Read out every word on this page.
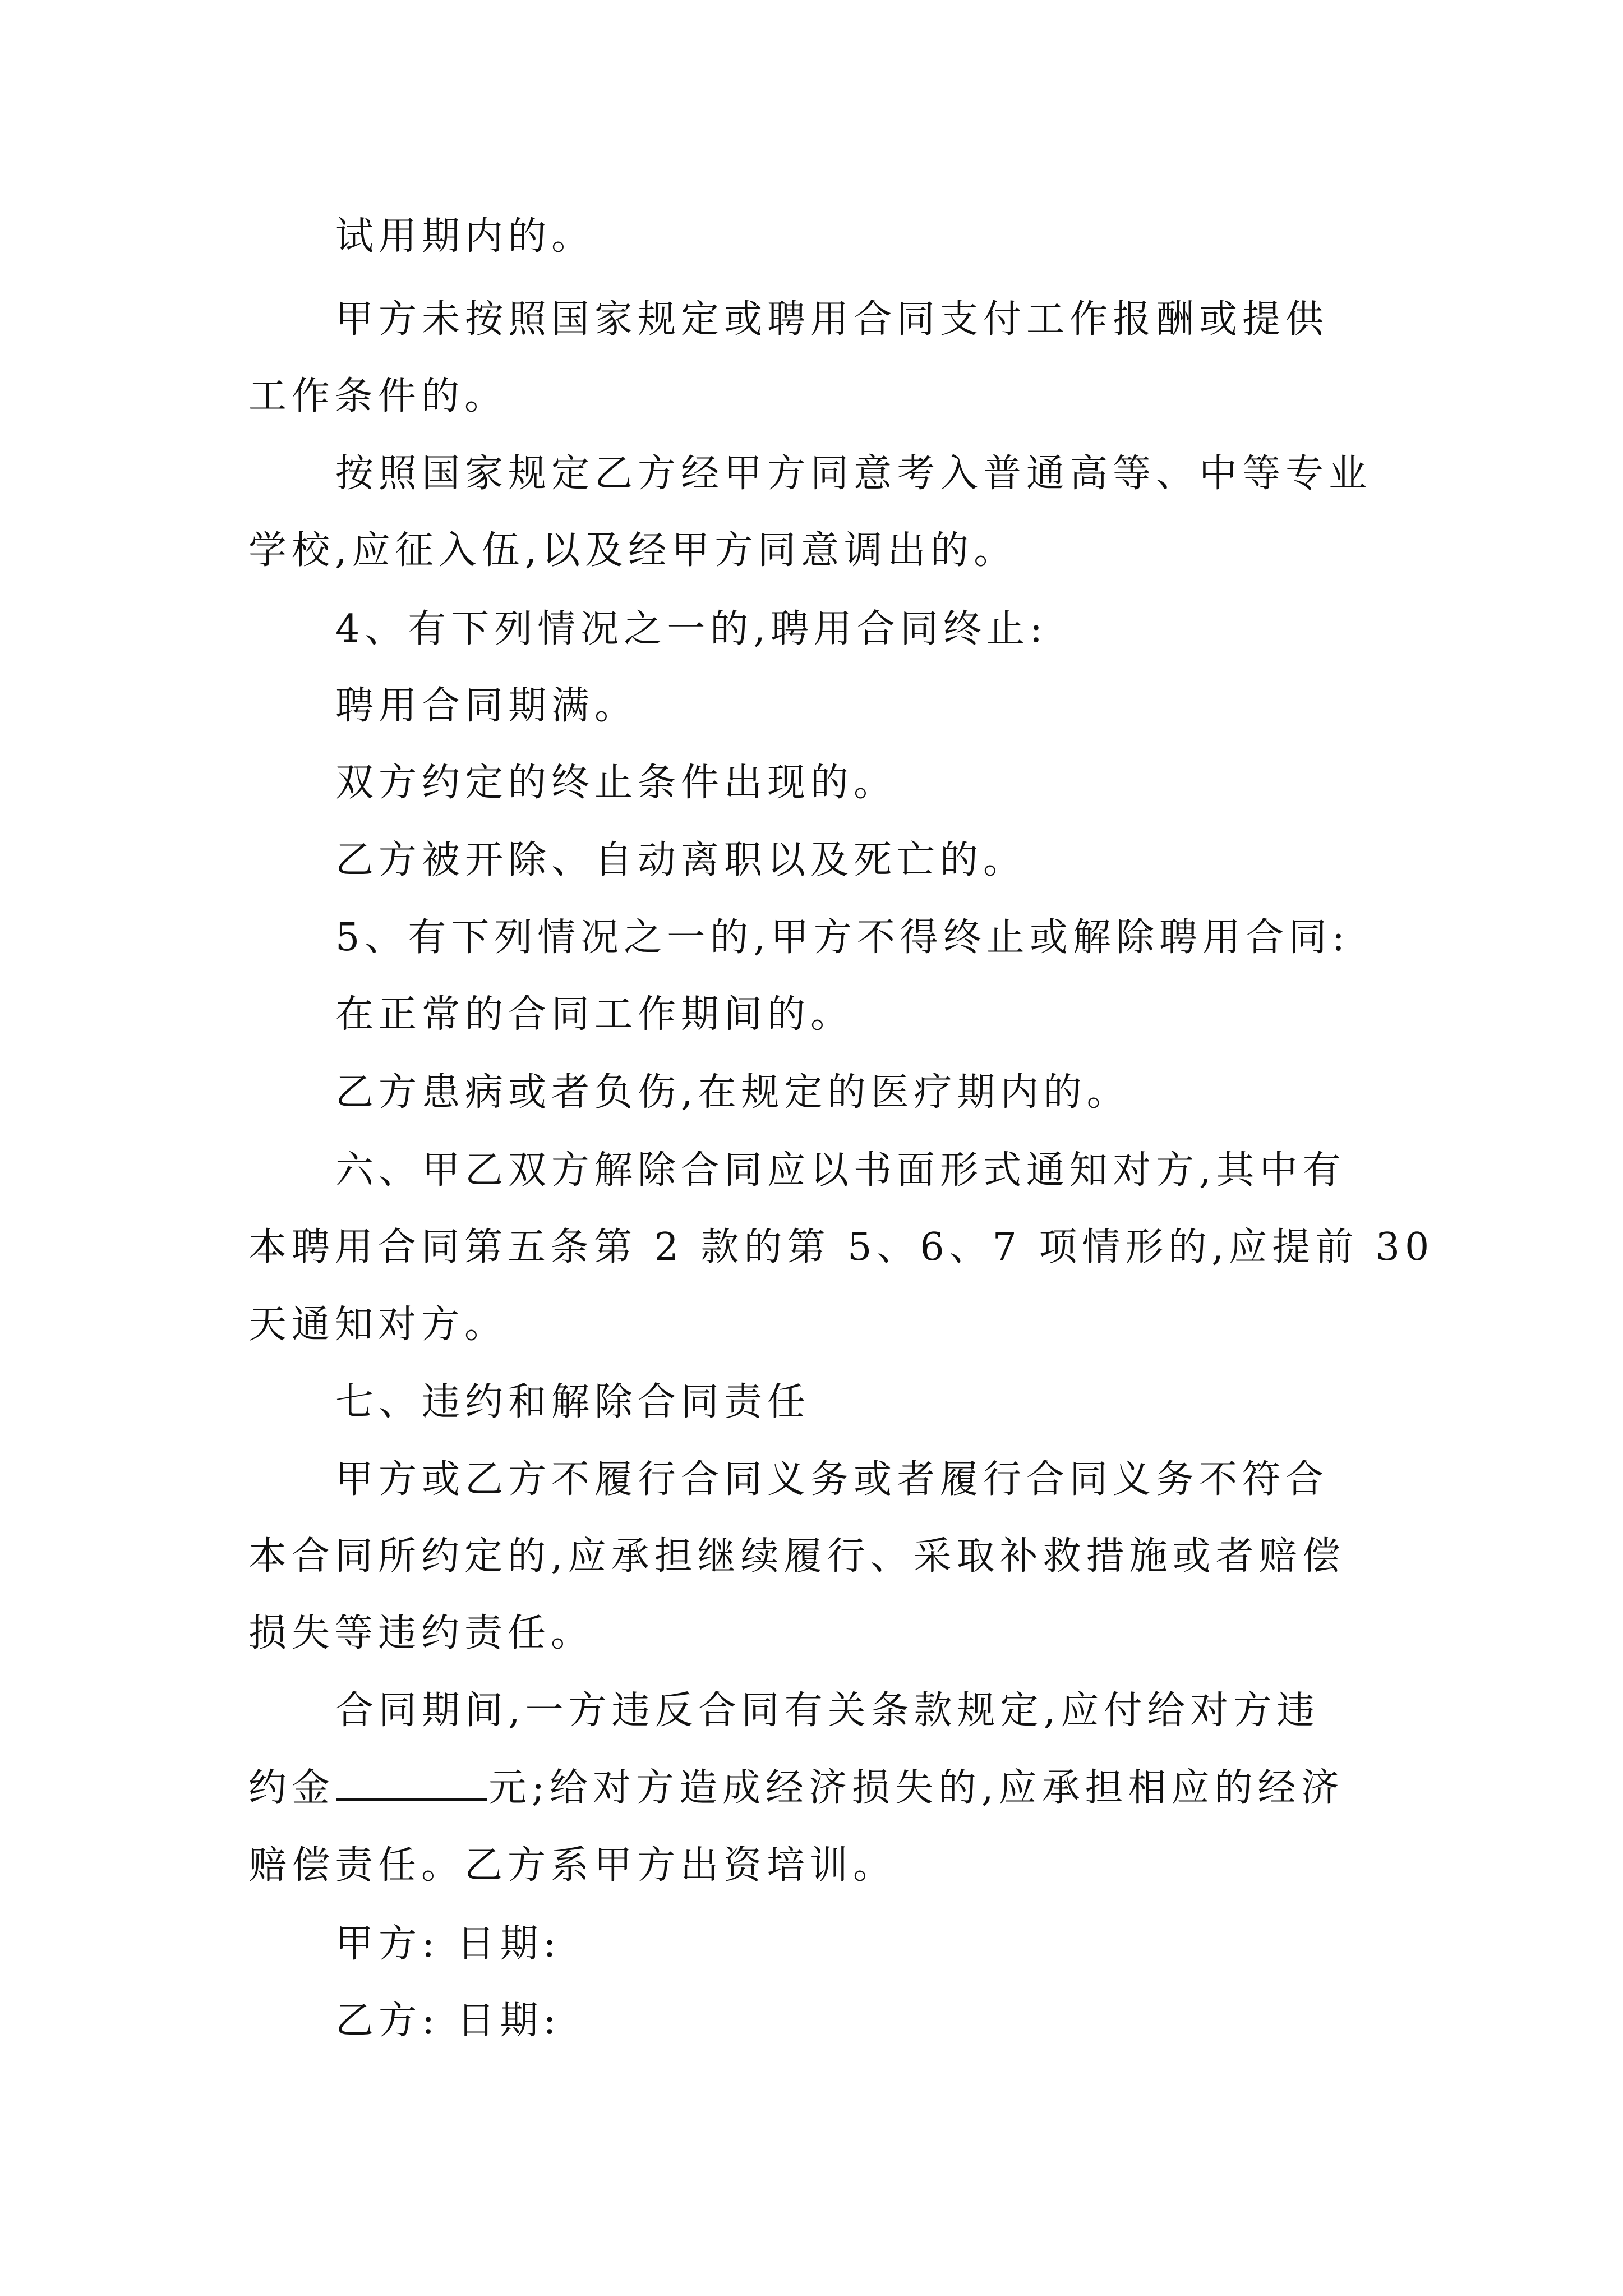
试用期内的。
甲方未按照国家规定或聘用合同支付工作报酬或提供
工作条件的。
按照国家规定乙方经甲方同意考入普通高等、中等专业
学校,应征入伍,以及经甲方同意调出的。
4、有下列情况之一的,聘用合同终止:
聘用合同期满。
双方约定的终止条件出现的。
乙方被开除、自动离职以及死亡的。
5、有下列情况之一的,甲方不得终止或解除聘用合同:
在正常的合同工作期间的。
乙方患病或者负伤,在规定的医疗期内的。
六、甲乙双方解除合同应以书面形式通知对方,其中有
本聘用合同第五条第 2 款的第 5、6、7 项情形的,应提前 30
天通知对方。
七、违约和解除合同责任
甲方或乙方不履行合同义务或者履行合同义务不符合
本合同所约定的,应承担继续履行、采取补救措施或者赔偿
损失等违约责任。
合同期间,一方违反合同有关条款规定,应付给对方违
约金	元;给对方造成经济损失的,应承担相应的经济
赔偿责任。乙方系甲方出资培训。
甲方: 日期:
乙方: 日期:
